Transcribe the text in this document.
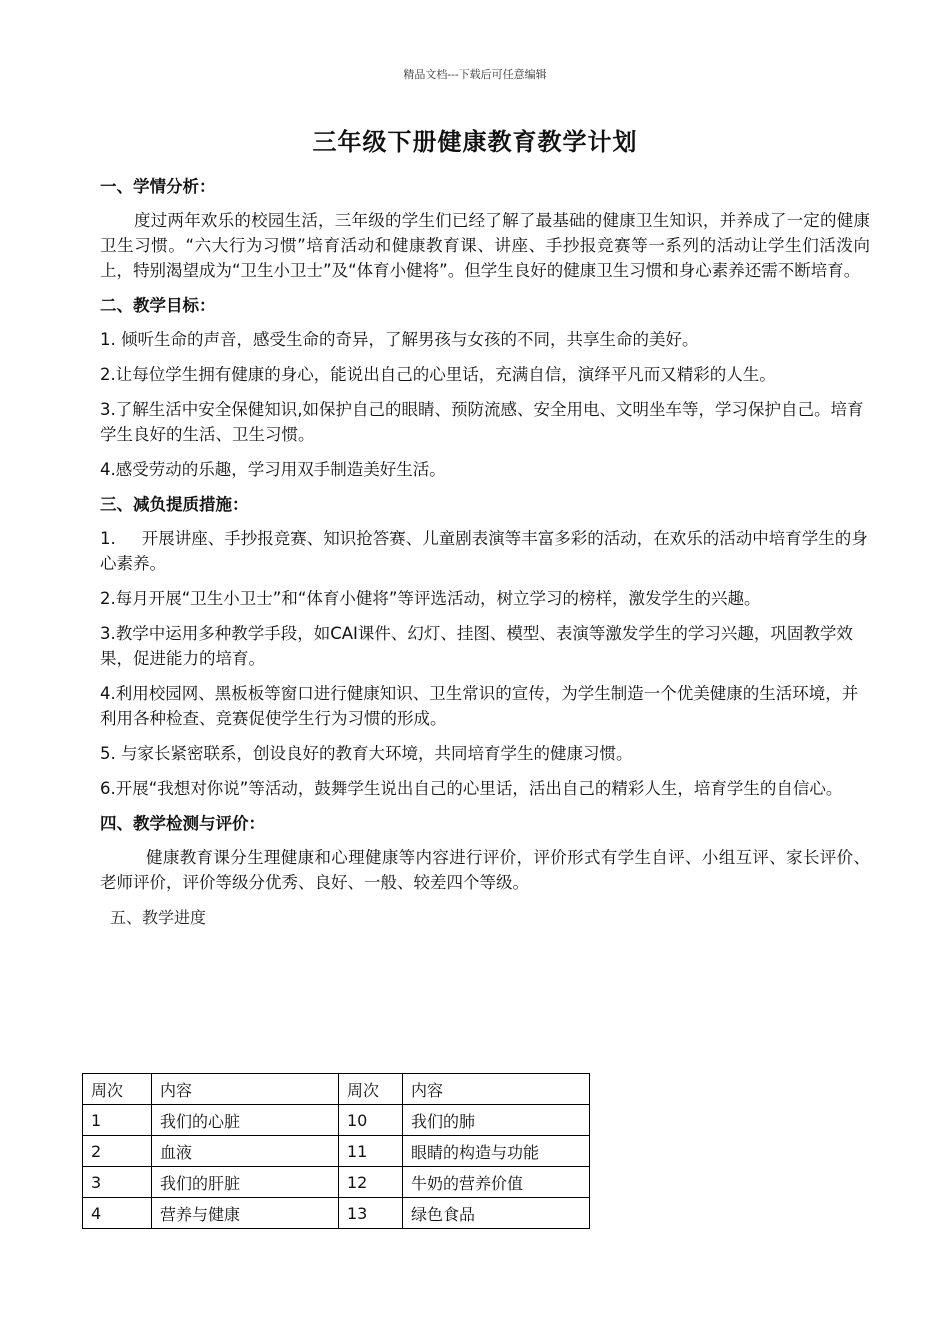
精品文档---下载后可任意编辑
三年级下册健康教育教学计划
一、学情分析：

度过两年欢乐的校园生活，三年级的学生们已经了解了最基础的健康卫生知识，并养成了一定的健康卫生习惯。“六大行为习惯”培育活动和健康教育课、讲座、手抄报竞赛等一系列的活动让学生们活泼向上，特别渴望成为“卫生小卫士”及“体育小健将”。但学生良好的健康卫生习惯和身心素养还需不断培育。

二、教学目标：

1. 倾听生命的声音，感受生命的奇异，了解男孩与女孩的不同，共享生命的美好。

2.让每位学生拥有健康的身心，能说出自己的心里话，充满自信，演绎平凡而又精彩的人生。

3.了解生活中安全保健知识,如保护自己的眼睛、预防流感、安全用电、文明坐车等，学习保护自己。培育学生良好的生活、卫生习惯。

4.感受劳动的乐趣，学习用双手制造美好生活。

三、减负提质措施：

1. 开展讲座、手抄报竞赛、知识抢答赛、儿童剧表演等丰富多彩的活动，在欢乐的活动中培育学生的身心素养。

2.每月开展“卫生小卫士”和“体育小健将”等评选活动，树立学习的榜样，激发学生的兴趣。

3.教学中运用多种教学手段，如CAI课件、幻灯、挂图、模型、表演等激发学生的学习兴趣，巩固教学效果，促进能力的培育。

4.利用校园网、黑板板等窗口进行健康知识、卫生常识的宣传，为学生制造一个优美健康的生活环境，并利用各种检查、竞赛促使学生行为习惯的形成。

5. 与家长紧密联系，创设良好的教育大环境，共同培育学生的健康习惯。

6.开展“我想对你说”等活动，鼓舞学生说出自己的心里话，活出自己的精彩人生，培育学生的自信心。

四、教学检测与评价：

健康教育课分生理健康和心理健康等内容进行评价，评价形式有学生自评、小组互评、家长评价、老师评价，评价等级分优秀、良好、一般、较差四个等级。

五、教学进度
周次	内容	周次	内容
1	我们的心脏	10	我们的肺
2	血液	11	眼睛的构造与功能
3	我们的肝脏	12	牛奶的营养价值
4	营养与健康	13	绿色食品
